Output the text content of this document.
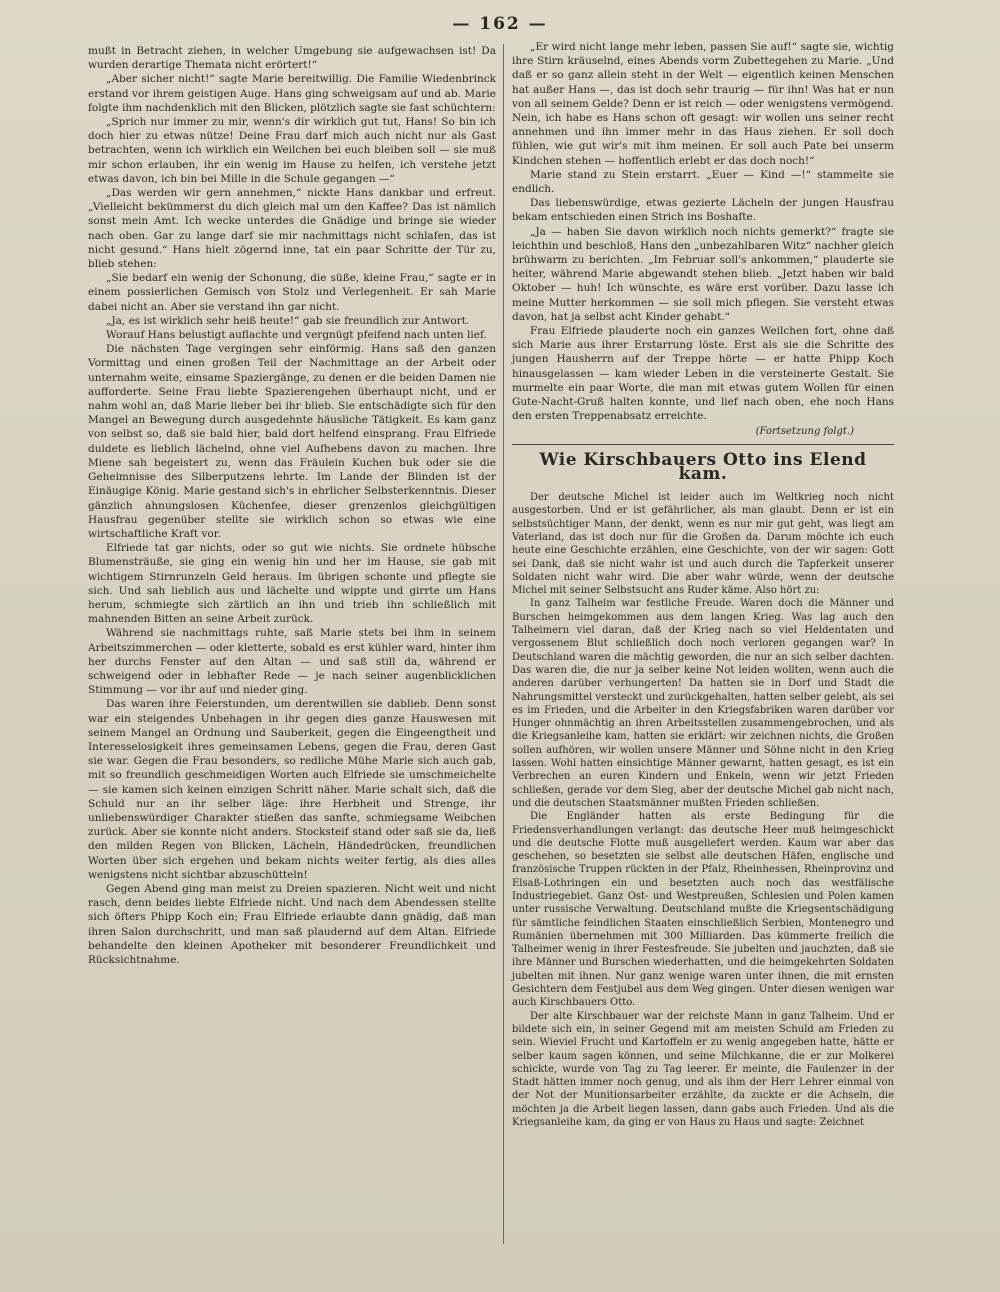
— 162 —

mußt in Betracht ziehen, in welcher Umgebung sie aufgewachsen ist! Da wurden derartige Themata nicht erörtert!“

„Aber sicher nicht!“ sagte Marie bereitwillig. Die Familie Wiedenbrinck erstand vor ihrem geistigen Auge. Hans ging schweigsam auf und ab. Marie folgte ihm nachdenklich mit den Blicken, plötzlich sagte sie fast schüchtern:

„Sprich nur immer zu mir, wenn's dir wirklich gut tut, Hans! So bin ich doch hier zu etwas nütze! Deine Frau darf mich auch nicht nur als Gast betrachten, wenn ich wirklich ein Weilchen bei euch bleiben soll — sie muß mir schon erlauben, ihr ein wenig im Hause zu helfen, ich verstehe jetzt etwas davon, ich bin bei Mille in die Schule gegangen —“

„Das werden wir gern annehmen,“ nickte Hans dankbar und erfreut. „Vielleicht bekümmerst du dich gleich mal um den Kaffee? Das ist nämlich sonst mein Amt. Ich wecke unterdes die Gnädige und bringe sie wieder nach oben. Gar zu lange darf sie mir nachmittags nicht schlafen, das ist nicht gesund.“ Hans hielt zögernd inne, tat ein paar Schritte der Tür zu, blieb stehen:

„Sie bedarf ein wenig der Schonung, die süße, kleine Frau,“ sagte er in einem possierlichen Gemisch von Stolz und Verlegenheit. Er sah Marie dabei nicht an. Aber sie verstand ihn gar nicht.

„Ja, es ist wirklich sehr heiß heute!“ gab sie freundlich zur Antwort.

Worauf Hans belustigt auflachte und vergnügt pfeifend nach unten lief.

Die nächsten Tage vergingen sehr einförmig. Hans saß den ganzen Vormittag und einen großen Teil der Nachmittage an der Arbeit oder unternahm weite, einsame Spaziergänge, zu denen er die beiden Damen nie aufforderte. Seine Frau liebte Spazierengehen überhaupt nicht, und er nahm wohl an, daß Marie lieber bei ihr blieb. Sie entschädigte sich für den Mangel an Bewegung durch ausgedehnte häusliche Tätigkeit. Es kam ganz von selbst so, daß sie bald hier, bald dort helfend einsprang. Frau Elfriede duldete es lieblich lächelnd, ohne viel Aufhebens davon zu machen. Ihre Miene sah begeistert zu, wenn das Fräulein Kuchen buk oder sie die Geheimnisse des Silberputzens lehrte. Im Lande der Blinden ist der Einäugige König. Marie gestand sich's in ehrlicher Selbsterkenntnis. Dieser gänzlich ahnungslosen Küchenfee, dieser grenzenlos gleichgültigen Hausfrau gegenüber stellte sie wirklich schon so etwas wie eine wirtschaftliche Kraft vor.

Elfriede tat gar nichts, oder so gut wie nichts. Sie ordnete hübsche Blumensträuße, sie ging ein wenig hin und her im Hause, sie gab mit wichtigem Stirnrunzeln Geld heraus. Im übrigen schonte und pflegte sie sich. Und sah lieblich aus und lächelte und wippte und girrte um Hans herum, schmiegte sich zärtlich an ihn und trieb ihn schließlich mit mahnenden Bitten an seine Arbeit zurück.

Während sie nachmittags ruhte, saß Marie stets bei ihm in seinem Arbeitszimmerchen — oder kletterte, sobald es erst kühler ward, hinter ihm her durchs Fenster auf den Altan — und saß still da, während er schweigend oder in lebhafter Rede — je nach seiner augenblicklichen Stimmung — vor ihr auf und nieder ging.

Das waren ihre Feierstunden, um derentwillen sie dablieb. Denn sonst war ein steigendes Unbehagen in ihr gegen dies ganze Hauswesen mit seinem Mangel an Ordnung und Sauberkeit, gegen die Eingeengtheit und Interesselosigkeit ihres gemeinsamen Lebens, gegen die Frau, deren Gast sie war. Gegen die Frau besonders, so redliche Mühe Marie sich auch gab, mit so freundlich geschmeidigen Worten auch Elfriede sie umschmeichelte — sie kamen sich keinen einzigen Schritt näher. Marie schalt sich, daß die Schuld nur an ihr selber läge: ihre Herbheit und Strenge, ihr unliebenswürdiger Charakter stießen das sanfte, schmiegsame Weibchen zurück. Aber sie konnte nicht anders. Stocksteif stand oder saß sie da, ließ den milden Regen von Blicken, Lächeln, Händedrücken, freundlichen Worten über sich ergehen und bekam nichts weiter fertig, als dies alles wenigstens nicht sichtbar abzuschütteln!

Gegen Abend ging man meist zu Dreien spazieren. Nicht weit und nicht rasch, denn beides liebte Elfriede nicht. Und nach dem Abendessen stellte sich öfters Phipp Koch ein; Frau Elfriede erlaubte dann gnädig, daß man ihren Salon durchschritt, und man saß plaudernd auf dem Altan. Elfriede behandelte den kleinen Apotheker mit besonderer Freundlichkeit und Rücksichtnahme.

„Er wird nicht lange mehr leben, passen Sie auf!“ sagte sie, wichtig ihre Stirn kräuselnd, eines Abends vorm Zubettegehen zu Marie. „Und daß er so ganz allein steht in der Welt — eigentlich keinen Menschen hat außer Hans —, das ist doch sehr traurig — für ihn! Was hat er nun von all seinem Gelde? Denn er ist reich — oder wenigstens vermögend. Nein, ich habe es Hans schon oft gesagt: wir wollen uns seiner recht annehmen und ihn immer mehr in das Haus ziehen. Er soll doch fühlen, wie gut wir's mit ihm meinen. Er soll auch Pate bei unserm Kindchen stehen — hoffentlich erlebt er das doch noch!“

Marie stand zu Stein erstarrt. „Euer — Kind —!“ stammelte sie endlich.

Das liebenswürdige, etwas gezierte Lächeln der jungen Hausfrau bekam entschieden einen Strich ins Boshafte.

„Ja — haben Sie davon wirklich noch nichts gemerkt?“ fragte sie leichthin und beschloß, Hans den „unbezahlbaren Witz“ nachher gleich brühwarm zu berichten. „Im Februar soll's ankommen,“ plauderte sie heiter, während Marie abgewandt stehen blieb. „Jetzt haben wir bald Oktober — huh! Ich wünschte, es wäre erst vorüber. Dazu lasse ich meine Mutter herkommen — sie soll mich pflegen. Sie versteht etwas davon, hat ja selbst acht Kinder gehabt.“

Frau Elfriede plauderte noch ein ganzes Weilchen fort, ohne daß sich Marie aus ihrer Erstarrung löste. Erst als sie die Schritte des jungen Hausherrn auf der Treppe hörte — er hatte Phipp Koch hinausgelassen — kam wieder Leben in die versteinerte Gestalt. Sie murmelte ein paar Worte, die man mit etwas gutem Wollen für einen Gute-Nacht-Gruß halten konnte, und lief nach oben, ehe noch Hans den ersten Treppenabsatz erreichte.

(Fortsetzung folgt.)
Wie Kirschbauers Otto ins Elend kam.

Der deutsche Michel ist leider auch im Weltkrieg noch nicht ausgestorben. Und er ist gefährlicher, als man glaubt. Denn er ist ein selbstsüchtiger Mann, der denkt, wenn es nur mir gut geht, was liegt am Vaterland, das ist doch nur für die Großen da. Darum möchte ich euch heute eine Geschichte erzählen, eine Geschichte, von der wir sagen: Gott sei Dank, daß sie nicht wahr ist und auch durch die Tapferkeit unserer Soldaten nicht wahr wird. Die aber wahr würde, wenn der deutsche Michel mit seiner Selbstsucht ans Ruder käme. Also hört zu:

In ganz Talheim war festliche Freude. Waren doch die Männer und Burschen heimgekommen aus dem langen Krieg. Was lag auch den Talheimern viel daran, daß der Krieg nach so viel Heldentaten und vergossenem Blut schließlich doch noch verloren gegangen war? In Deutschland waren die mächtig geworden, die nur an sich selber dachten. Das waren die, die nur ja selber keine Not leiden wollten, wenn auch die anderen darüber verhungerten! Da hatten sie in Dorf und Stadt die Nahrungsmittel versteckt und zurückgehalten, hatten selber gelebt, als sei es im Frieden, und die Arbeiter in den Kriegsfabriken waren darüber vor Hunger ohnmächtig an ihren Arbeitsstellen zusammengebrochen, und als die Kriegsanleihe kam, hatten sie erklärt: wir zeichnen nichts, die Großen sollen aufhören, wir wollen unsere Männer und Söhne nicht in den Krieg lassen. Wohl hatten einsichtige Männer gewarnt, hatten gesagt, es ist ein Verbrechen an euren Kindern und Enkeln, wenn wir jetzt Frieden schließen, gerade vor dem Sieg, aber der deutsche Michel gab nicht nach, und die deutschen Staatsmänner mußten Frieden schließen.

Die Engländer hatten als erste Bedingung für die Friedensverhandlungen verlangt: das deutsche Heer muß heimgeschickt und die deutsche Flotte muß ausgeliefert werden. Kaum war aber das geschehen, so besetzten sie selbst alle deutschen Häfen, englische und französische Truppen rückten in der Pfalz, Rheinhessen, Rheinprovinz und Elsaß-Lothringen ein und besetzten auch noch das westfälische Industriegebiet. Ganz Ost- und Westpreußen, Schlesien und Polen kamen unter russische Verwaltung. Deutschland mußte die Kriegsentschädigung für sämtliche feindlichen Staaten einschließlich Serbien, Montenegro und Rumänien übernehmen mit 300 Milliarden. Das kümmerte freilich die Talheimer wenig in ihrer Festesfreude. Sie jubelten und jauchzten, daß sie ihre Männer und Burschen wiederhatten, und die heimgekehrten Soldaten jubelten mit ihnen. Nur ganz wenige waren unter ihnen, die mit ernsten Gesichtern dem Festjubel aus dem Weg gingen. Unter diesen wenigen war auch Kirschbauers Otto.

Der alte Kirschbauer war der reichste Mann in ganz Talheim. Und er bildete sich ein, in seiner Gegend mit am meisten Schuld am Frieden zu sein. Wieviel Frucht und Kartoffeln er zu wenig angegeben hatte, hätte er selber kaum sagen können, und seine Milchkanne, die er zur Molkerei schickte, wurde von Tag zu Tag leerer. Er meinte, die Faulenzer in der Stadt hätten immer noch genug, und als ihm der Herr Lehrer einmal von der Not der Munitionsarbeiter erzählte, da zuckte er die Achseln, die möchten ja die Arbeit liegen lassen, dann gabs auch Frieden. Und als die Kriegsanleihe kam, da ging er von Haus zu Haus und sagte: Zeichnet
